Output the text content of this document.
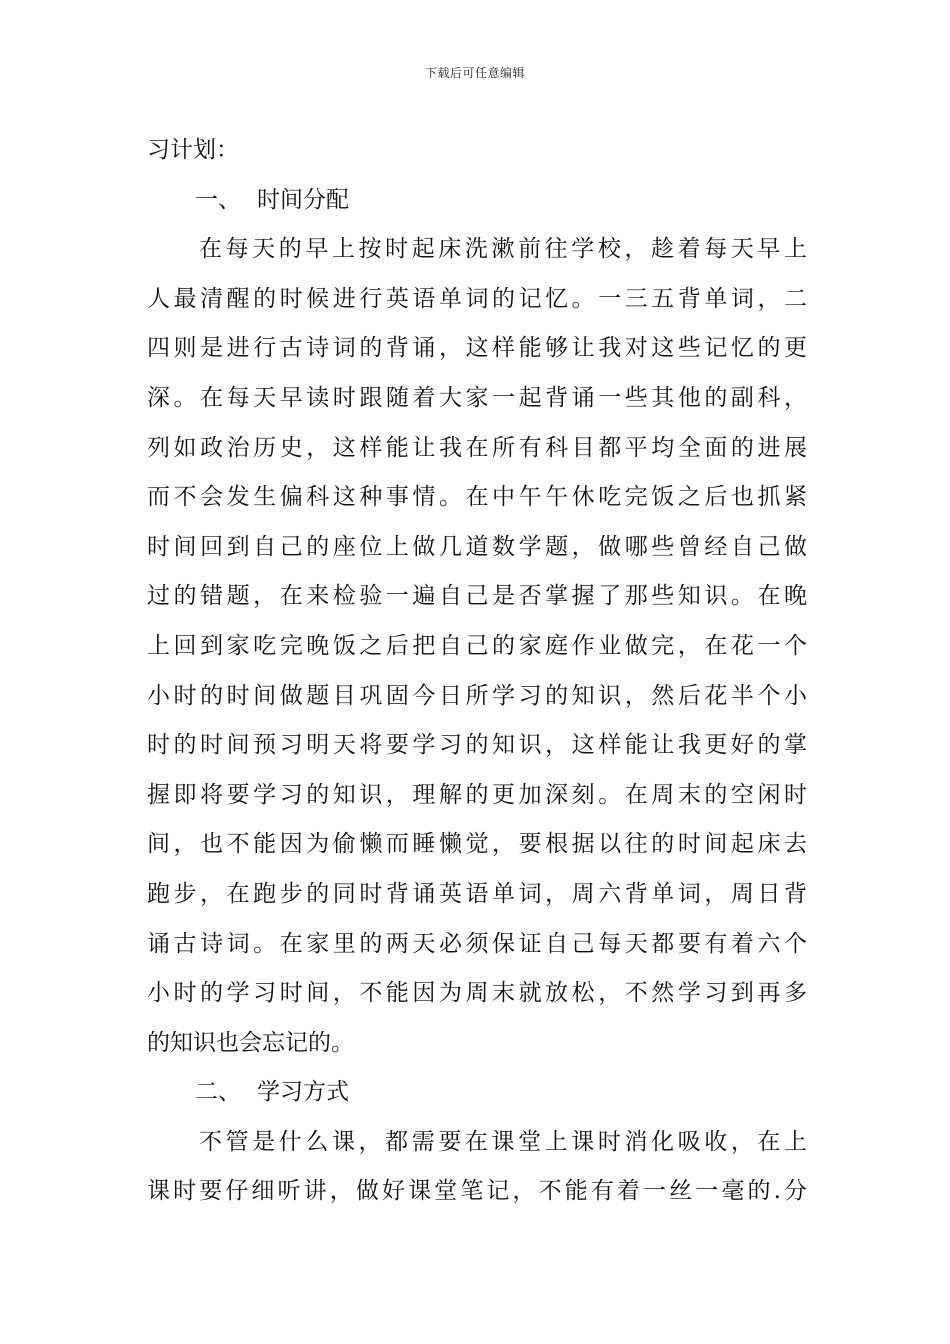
下载后可任意编辑
习计划：
一、 时间分配
在每天的早上按时起床洗漱前往学校，趁着每天早上
人最清醒的时候进行英语单词的记忆。一三五背单词，二
四则是进行古诗词的背诵，这样能够让我对这些记忆的更
深。在每天早读时跟随着大家一起背诵一些其他的副科，
列如政治历史，这样能让我在所有科目都平均全面的进展
而不会发生偏科这种事情。在中午午休吃完饭之后也抓紧
时间回到自己的座位上做几道数学题，做哪些曾经自己做
过的错题，在来检验一遍自己是否掌握了那些知识。在晚
上回到家吃完晚饭之后把自己的家庭作业做完，在花一个
小时的时间做题目巩固今日所学习的知识，然后花半个小
时的时间预习明天将要学习的知识，这样能让我更好的掌
握即将要学习的知识，理解的更加深刻。在周末的空闲时
间，也不能因为偷懒而睡懒觉，要根据以往的时间起床去
跑步，在跑步的同时背诵英语单词，周六背单词，周日背
诵古诗词。在家里的两天必须保证自己每天都要有着六个
小时的学习时间，不能因为周末就放松，不然学习到再多
的知识也会忘记的。
二、 学习方式
不管是什么课，都需要在课堂上课时消化吸收，在上
课时要仔细听讲，做好课堂笔记，不能有着一丝一毫的.分
